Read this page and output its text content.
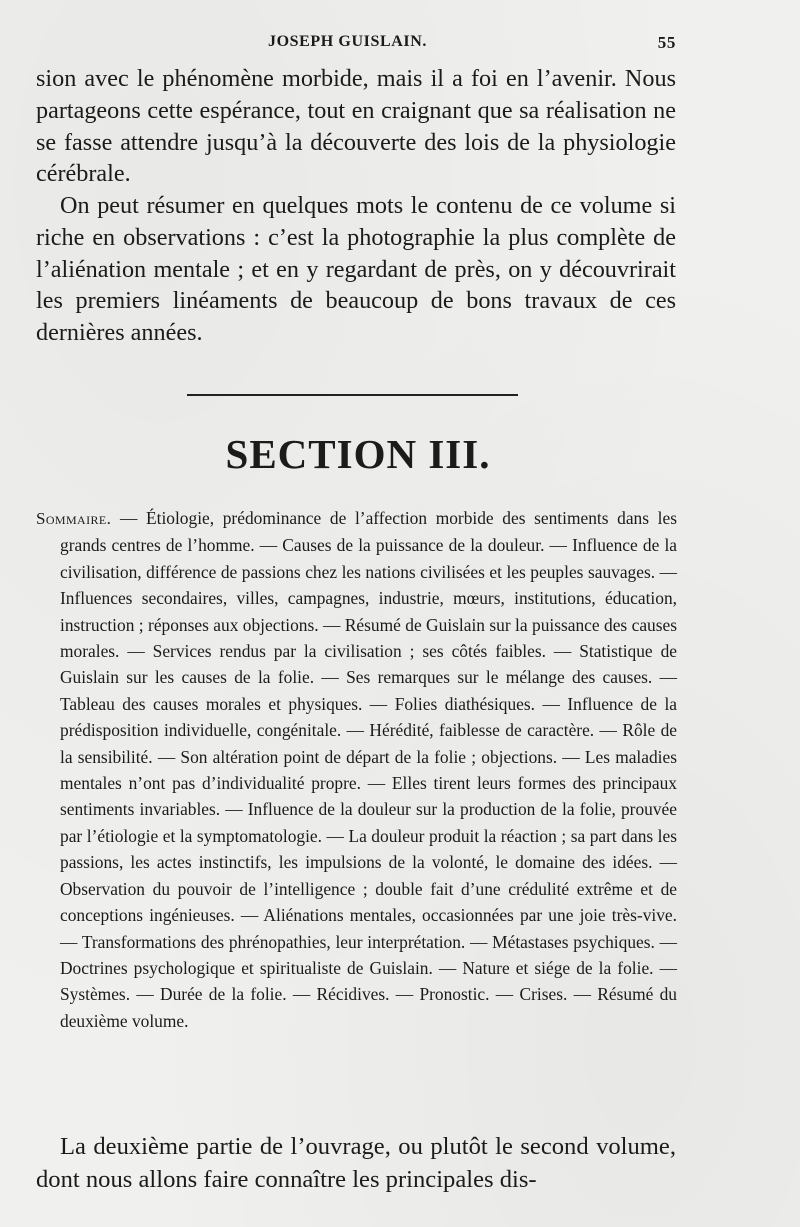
JOSEPH GUISLAIN.	55

sion avec le phénomène morbide, mais il a foi en l’avenir. Nous partageons cette espérance, tout en craignant que sa réalisation ne se fasse attendre jusqu’à la découverte des lois de la physiologie cérébrale.

On peut résumer en quelques mots le contenu de ce volume si riche en observations : c’est la photographie la plus complète de l’aliénation mentale ; et en y regardant de près, on y découvrirait les premiers linéaments de beaucoup de bons travaux de ces dernières années.

SECTION III.

Sommaire. — Étiologie, prédominance de l’affection morbide des sentiments dans les grands centres de l’homme. — Causes de la puissance de la douleur. — Influence de la civilisation, différence de passions chez les nations civilisées et les peuples sauvages. — Influences secondaires, villes, campagnes, industrie, mœurs, institutions, éducation, instruction ; réponses aux objections. — Résumé de Guislain sur la puissance des causes morales. — Services rendus par la civilisation ; ses côtés faibles. — Statistique de Guislain sur les causes de la folie. — Ses remarques sur le mélange des causes. — Tableau des causes morales et physiques. — Folies diathésiques. — Influence de la prédisposition individuelle, congénitale. — Hérédité, faiblesse de caractère. — Rôle de la sensibilité. — Son altération point de départ de la folie ; objections. — Les maladies mentales n’ont pas d’individualité propre. — Elles tirent leurs formes des principaux sentiments invariables. — Influence de la douleur sur la production de la folie, prouvée par l’étiologie et la symptomatologie. — La douleur produit la réaction ; sa part dans les passions, les actes instinctifs, les impulsions de la volonté, le domaine des idées. — Observation du pouvoir de l’intelligence ; double fait d’une crédulité extrême et de conceptions ingénieuses. — Aliénations mentales, occasionnées par une joie très-vive. — Transformations des phrénopathies, leur interprétation. — Métastases psychiques. — Doctrines psychologique et spiritualiste de Guislain. — Nature et siége de la folie. — Systèmes. — Durée de la folie. — Récidives. — Pronostic. — Crises. — Résumé du deuxième volume.

La deuxième partie de l’ouvrage, ou plutôt le second volume, dont nous allons faire connaître les principales dis-
